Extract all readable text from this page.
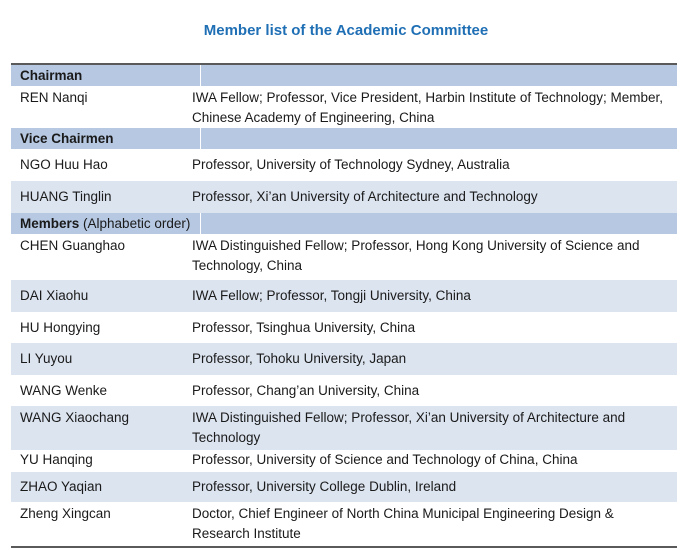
Member list of the Academic Committee
Chairman
REN Nanqi	IWA Fellow; Professor, Vice President, Harbin Institute of Technology; Member, Chinese Academy of Engineering, China
Vice Chairmen
NGO Huu Hao	Professor, University of Technology Sydney, Australia
HUANG Tinglin	Professor, Xi’an University of Architecture and Technology
Members (Alphabetic order)
CHEN Guanghao	IWA Distinguished Fellow; Professor, Hong Kong University of Science and Technology, China
DAI Xiaohu	IWA Fellow; Professor, Tongji University, China
HU Hongying	Professor, Tsinghua University, China
LI Yuyou	Professor, Tohoku University, Japan
WANG Wenke	Professor, Chang’an University, China
WANG Xiaochang	IWA Distinguished Fellow; Professor, Xi’an University of Architecture and Technology
YU Hanqing	Professor, University of Science and Technology of China, China
ZHAO Yaqian	Professor, University College Dublin, Ireland
Zheng Xingcan	Doctor, Chief Engineer of North China Municipal Engineering Design & Research Institute
